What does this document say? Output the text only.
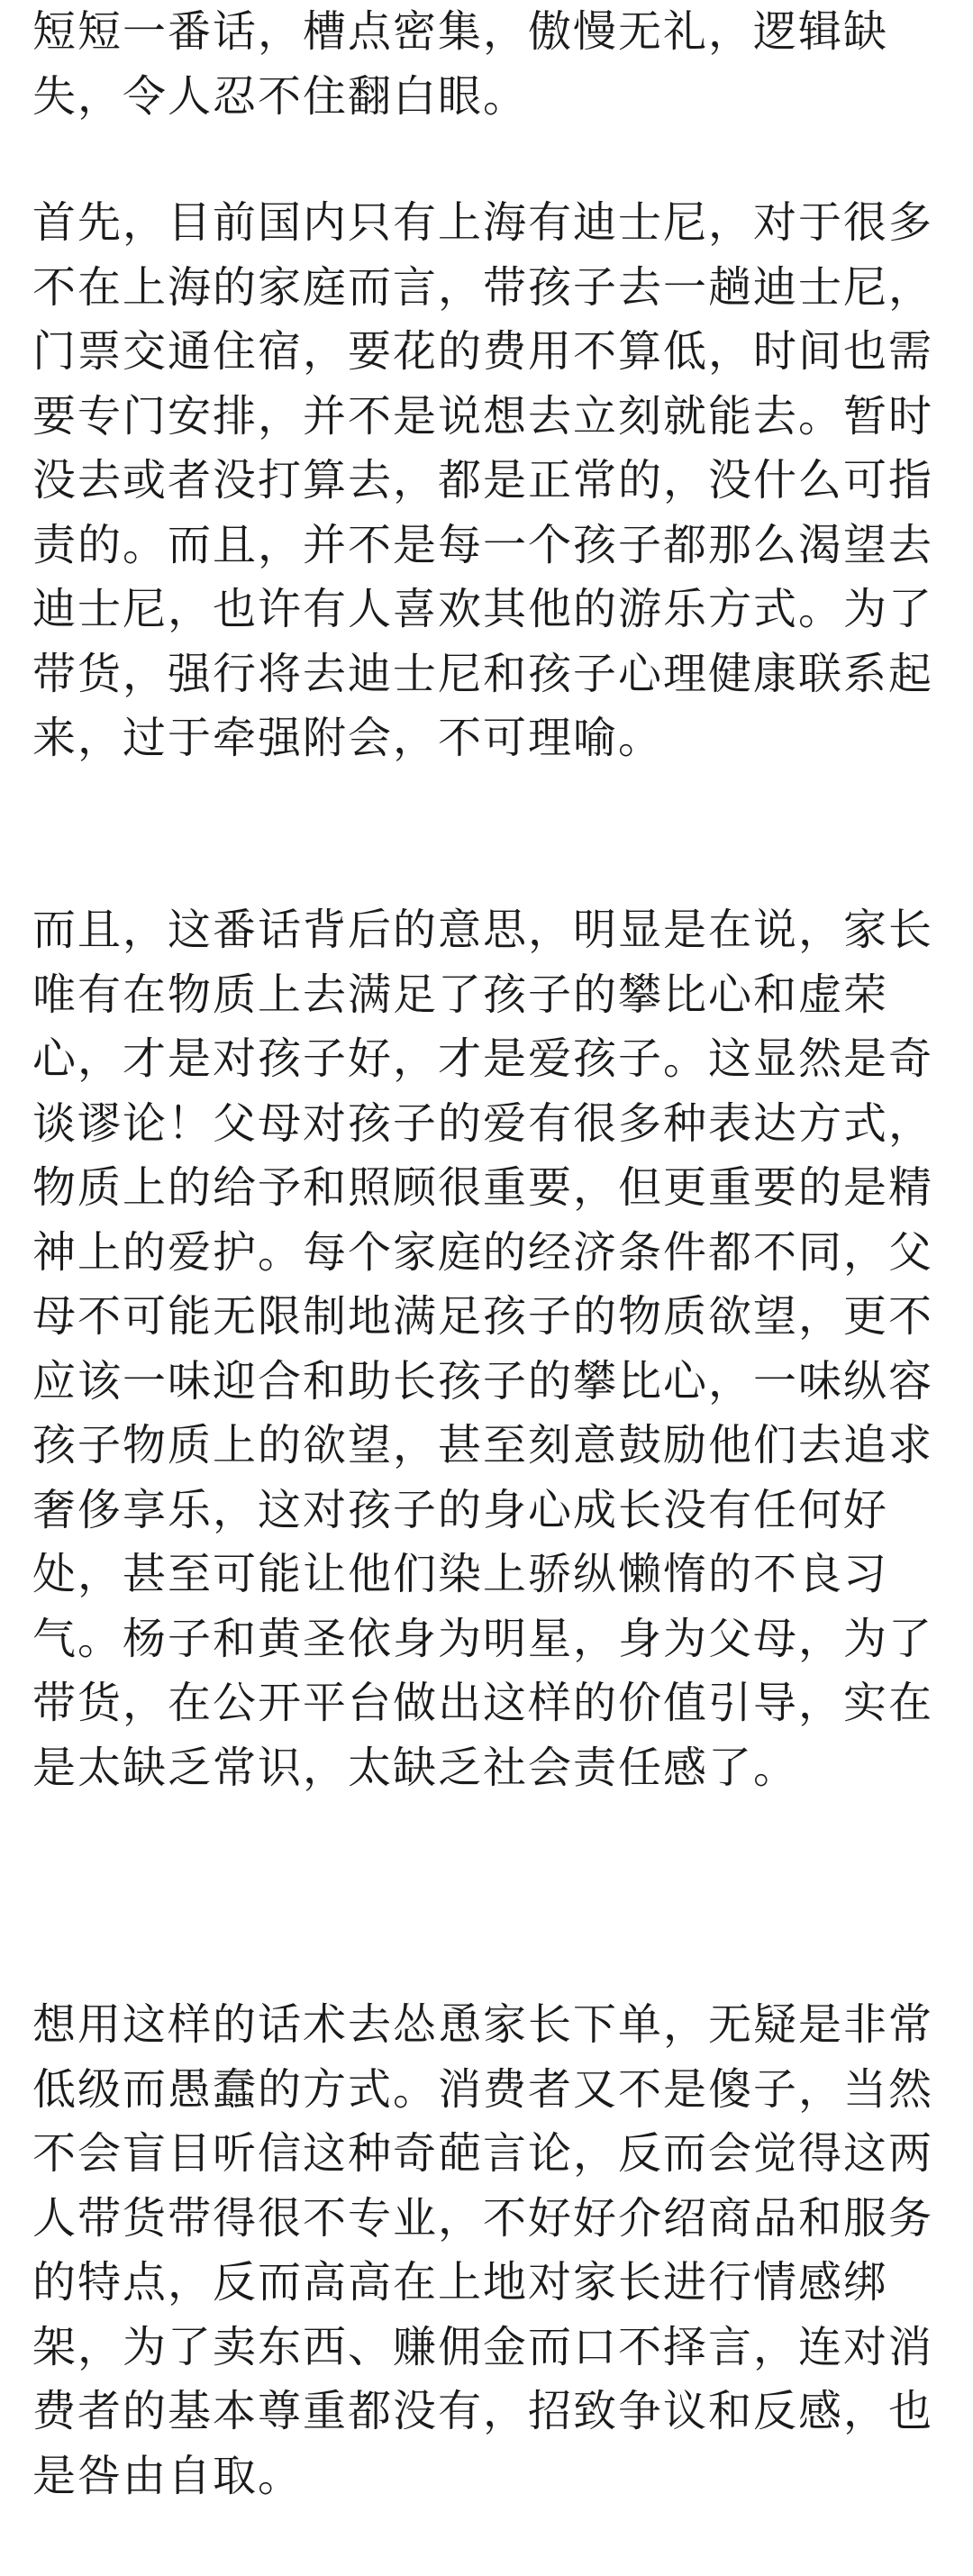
短短一番话，槽点密集，傲慢无礼，逻辑缺
失，令人忍不住翻白眼。
首先，目前国内只有上海有迪士尼，对于很多
不在上海的家庭而言，带孩子去一趟迪士尼，
门票交通住宿，要花的费用不算低，时间也需
要专门安排，并不是说想去立刻就能去。暂时
没去或者没打算去，都是正常的，没什么可指
责的。而且，并不是每一个孩子都那么渴望去
迪士尼，也许有人喜欢其他的游乐方式。为了
带货，强行将去迪士尼和孩子心理健康联系起
来，过于牵强附会，不可理喻。
而且，这番话背后的意思，明显是在说，家长
唯有在物质上去满足了孩子的攀比心和虚荣
心，才是对孩子好，才是爱孩子。这显然是奇
谈谬论！父母对孩子的爱有很多种表达方式，
物质上的给予和照顾很重要，但更重要的是精
神上的爱护。每个家庭的经济条件都不同，父
母不可能无限制地满足孩子的物质欲望，更不
应该一味迎合和助长孩子的攀比心，一味纵容
孩子物质上的欲望，甚至刻意鼓励他们去追求
奢侈享乐，这对孩子的身心成长没有任何好
处，甚至可能让他们染上骄纵懒惰的不良习
气。杨子和黄圣依身为明星，身为父母，为了
带货，在公开平台做出这样的价值引导，实在
是太缺乏常识，太缺乏社会责任感了。
想用这样的话术去怂恿家长下单，无疑是非常
低级而愚蠢的方式。消费者又不是傻子，当然
不会盲目听信这种奇葩言论，反而会觉得这两
人带货带得很不专业，不好好介绍商品和服务
的特点，反而高高在上地对家长进行情感绑
架，为了卖东西、赚佣金而口不择言，连对消
费者的基本尊重都没有，招致争议和反感，也
是咎由自取。
